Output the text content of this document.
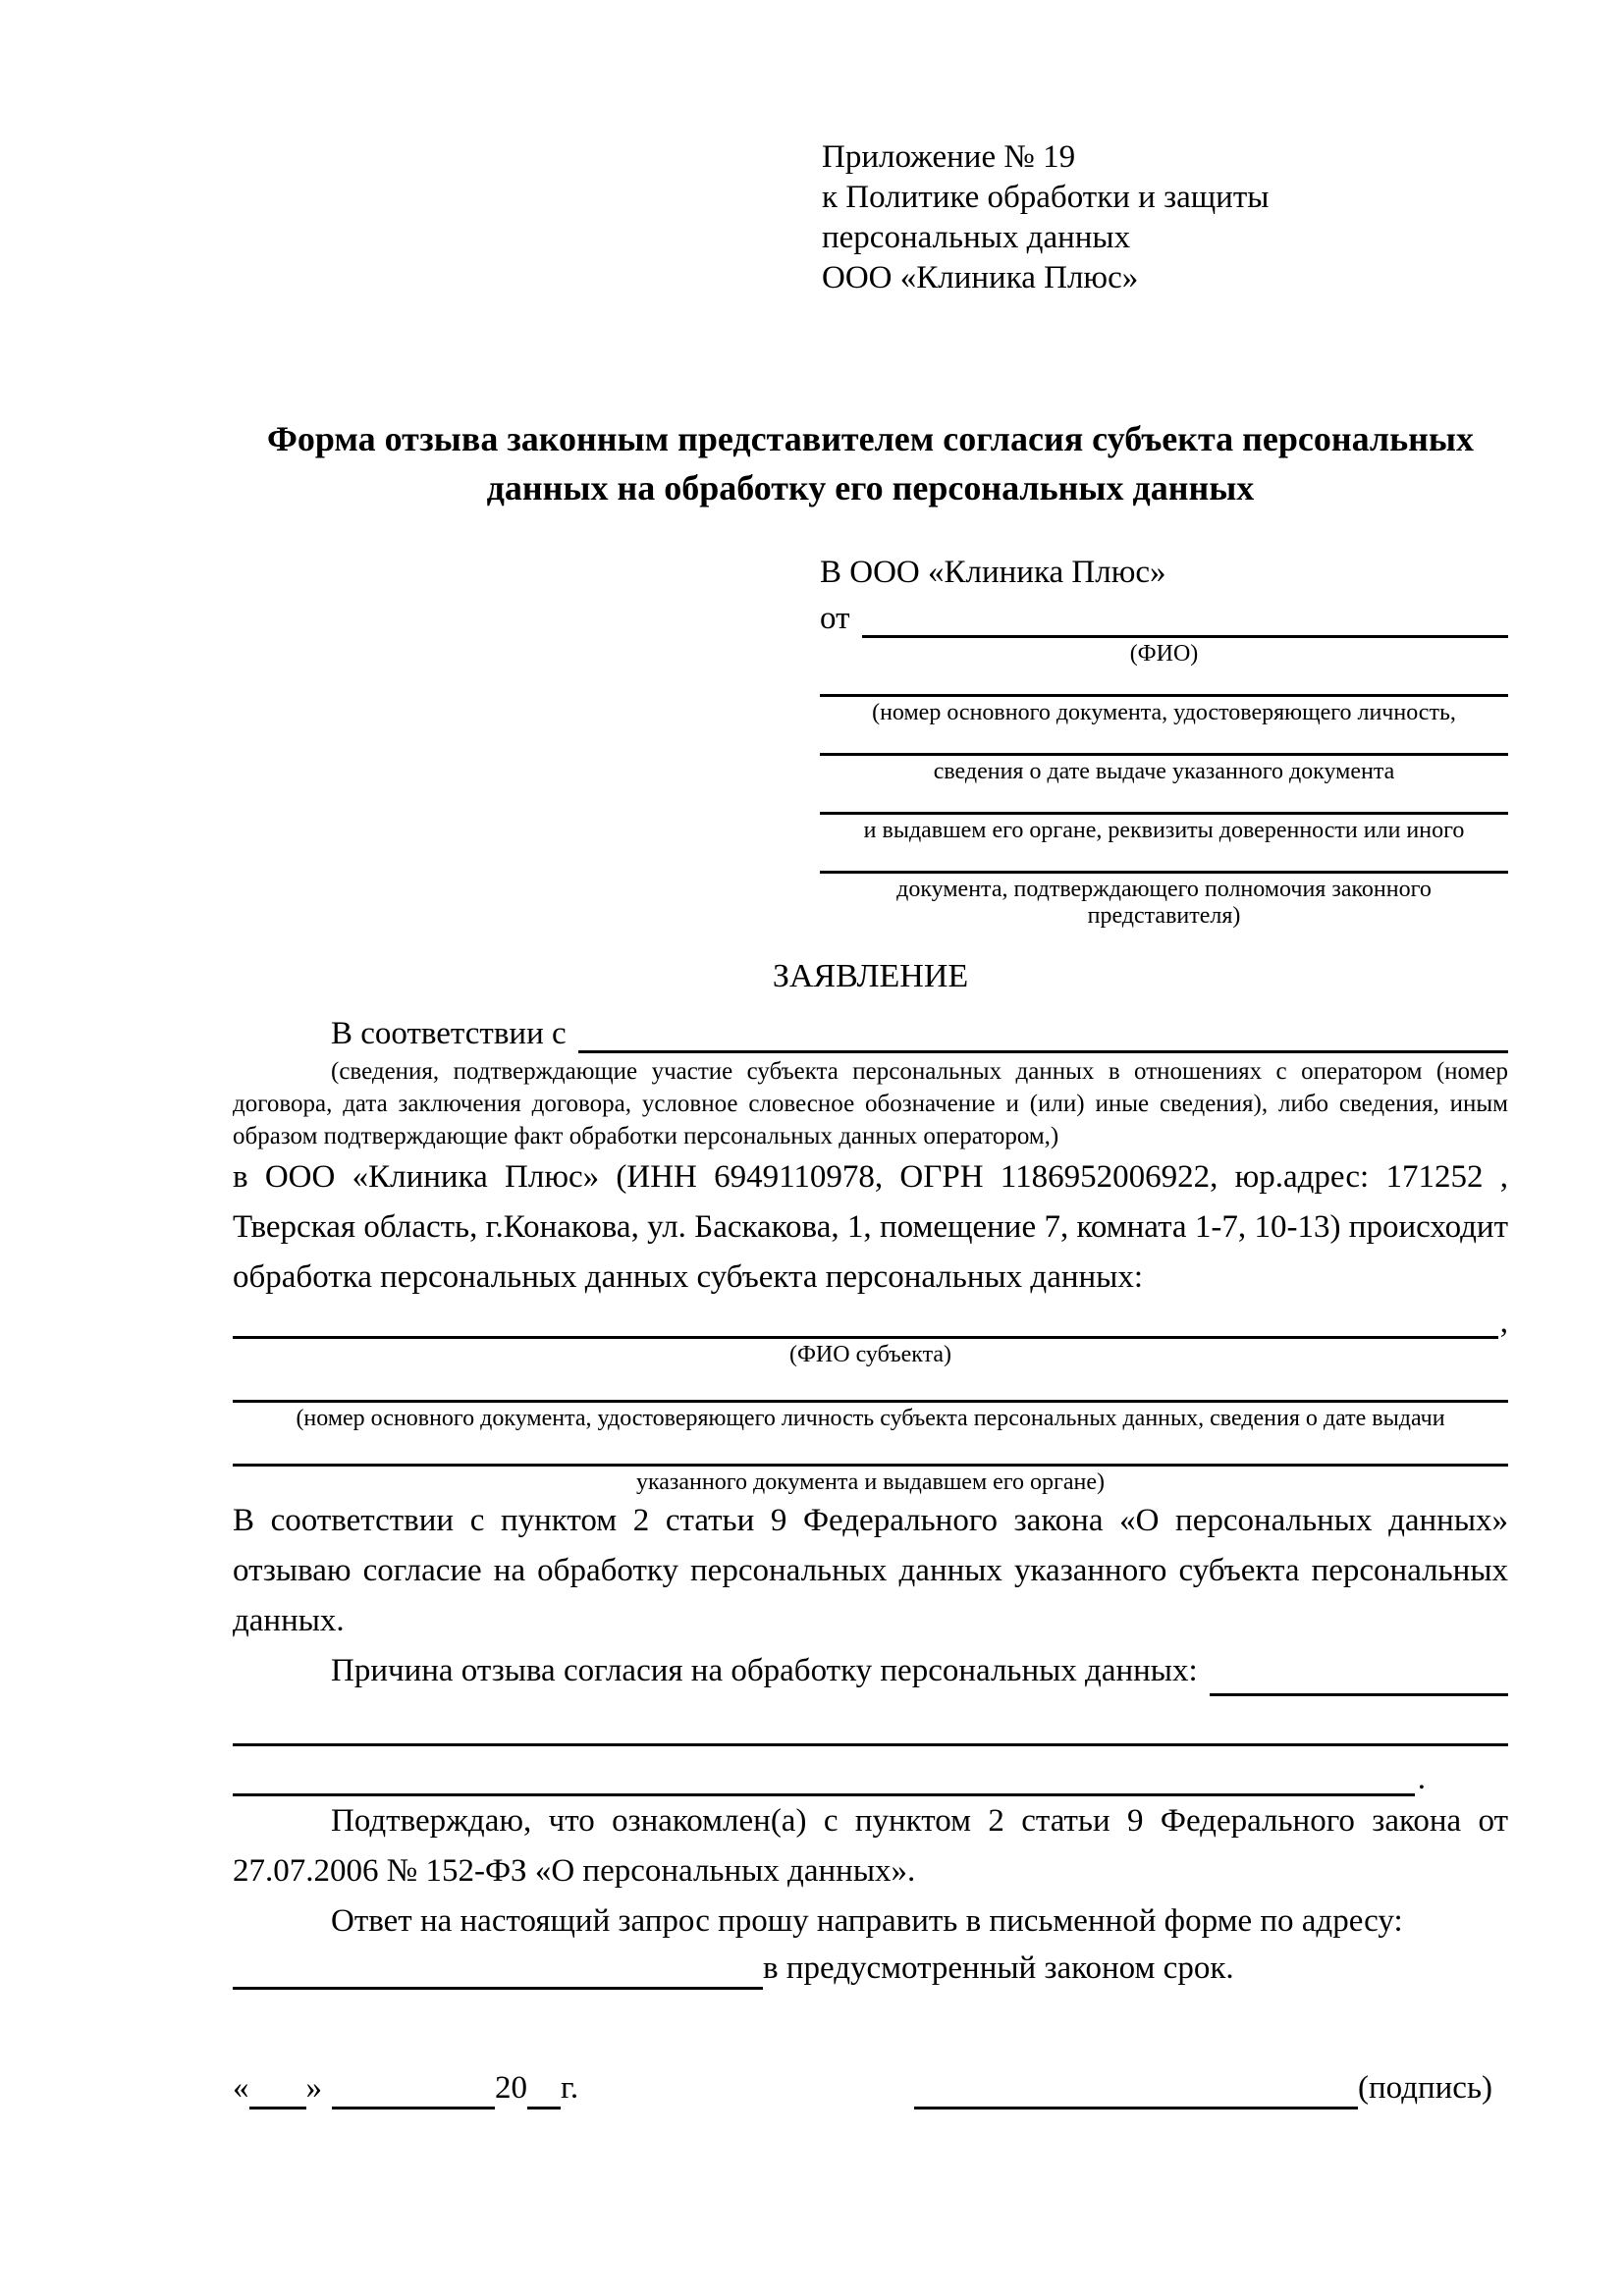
Приложение № 19
к Политике обработки и защиты
персональных данных
ООО «Клиника Плюс»
Форма отзыва законным представителем согласия субъекта персональных данных на обработку его персональных данных
В ООО «Клиника Плюс»
от
(ФИО)
(номер основного документа, удостоверяющего личность,
сведения о дате выдаче указанного документа
и выдавшем его органе, реквизиты доверенности или иного
документа, подтверждающего полномочия законного представителя)
ЗАЯВЛЕНИЕ
В соответствии с
(сведения, подтверждающие участие субъекта персональных данных в отношениях с оператором (номер договора, дата заключения договора, условное словесное обозначение и (или) иные сведения), либо сведения, иным образом подтверждающие факт обработки персональных данных оператором,)
в ООО «Клиника Плюс» (ИНН 6949110978, ОГРН 1186952006922, юр.адрес: 171252 , Тверская область, г.Конакова, ул. Баскакова, 1, помещение 7, комната 1-7, 10-13) происходит обработка персональных данных субъекта персональных данных:
,
(ФИО субъекта)
(номер основного документа, удостоверяющего личность субъекта персональных данных, сведения о дате выдачи
указанного документа и выдавшем его органе)
В соответствии с пунктом 2 статьи 9 Федерального закона «О персональных данных» отзываю согласие на обработку персональных данных указанного субъекта персональных данных.
Причина отзыва согласия на обработку персональных данных:
.
Подтверждаю, что ознакомлен(а) с пунктом 2 статьи 9 Федерального закона от 27.07.2006 № 152-ФЗ «О персональных данных».
Ответ на настоящий запрос прошу направить в письменной форме по адресу:
в предусмотренный законом срок.
« »	20 г.	(подпись)
